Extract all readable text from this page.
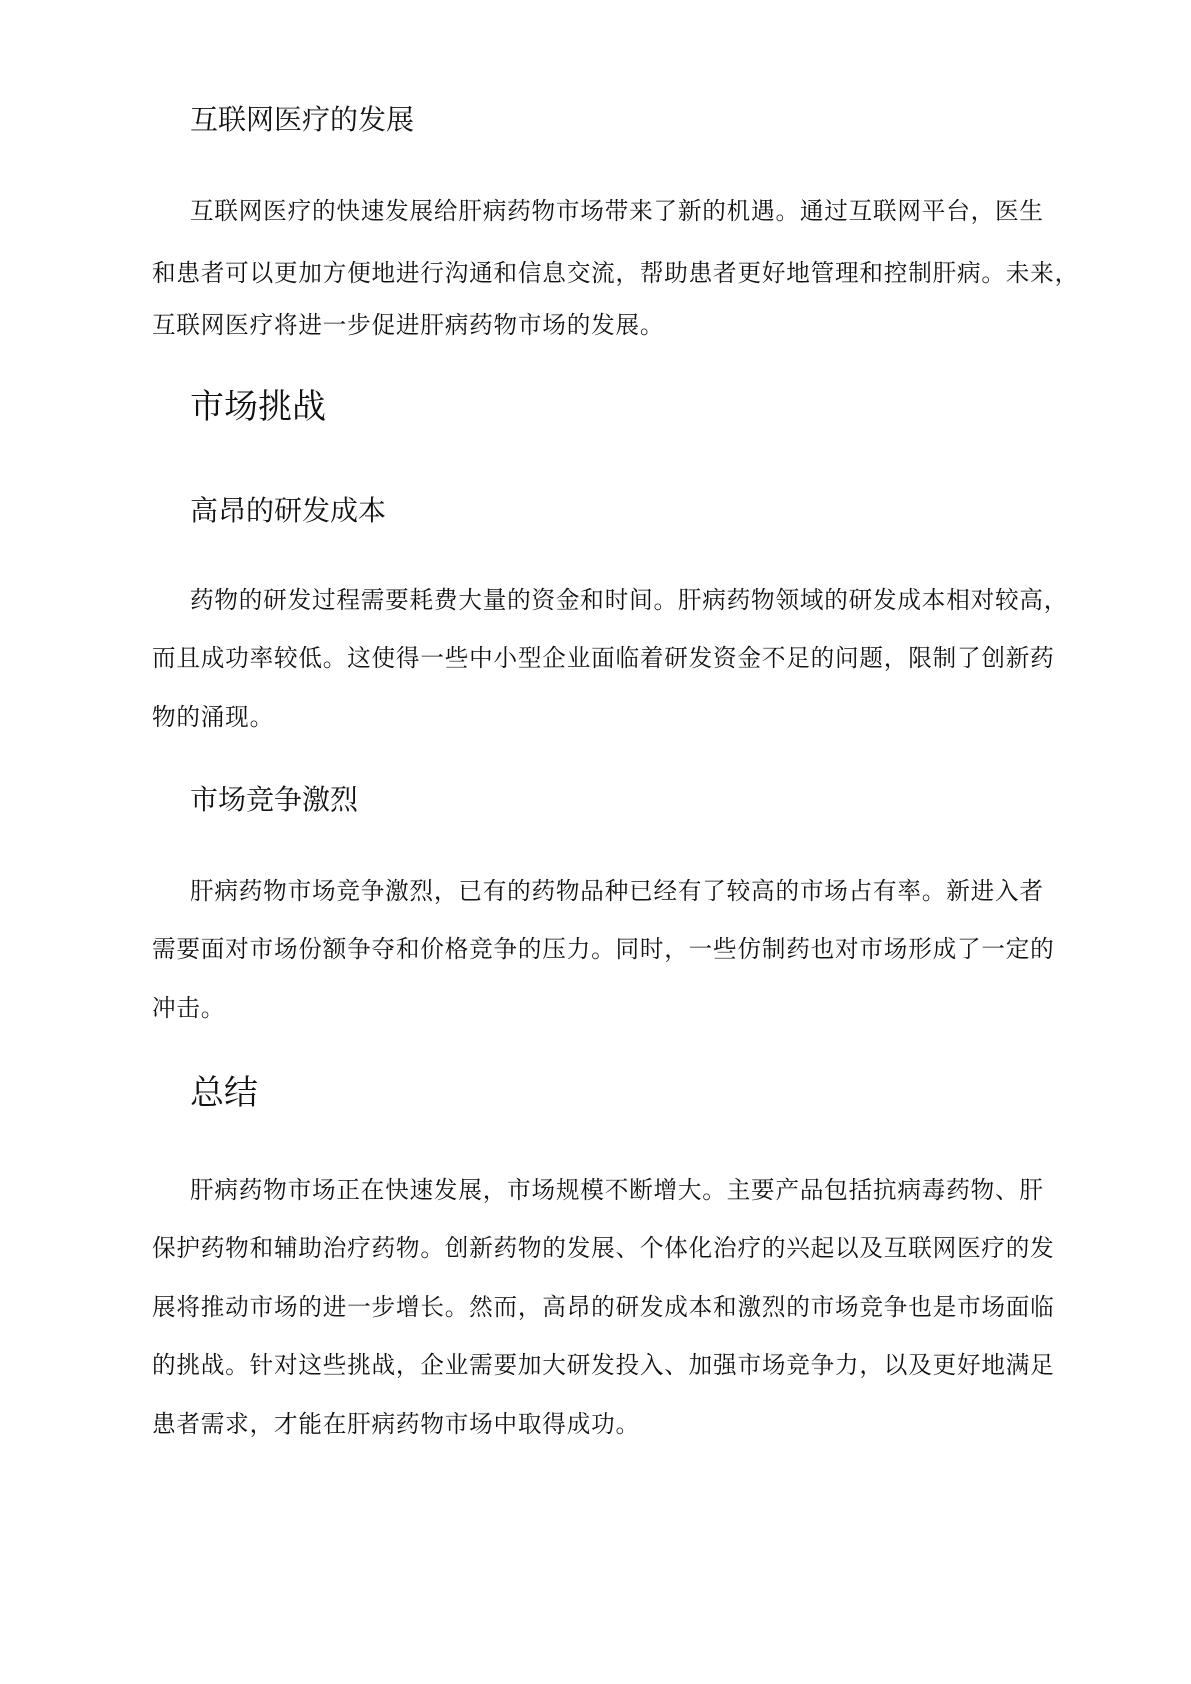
互联网医疗的发展
互联网医疗的快速发展给肝病药物市场带来了新的机遇。通过互联网平台，医生
和患者可以更加方便地进行沟通和信息交流，帮助患者更好地管理和控制肝病。未来，
互联网医疗将进一步促进肝病药物市场的发展。
市场挑战
高昂的研发成本
药物的研发过程需要耗费大量的资金和时间。肝病药物领域的研发成本相对较高，
而且成功率较低。这使得一些中小型企业面临着研发资金不足的问题，限制了创新药
物的涌现。
市场竞争激烈
肝病药物市场竞争激烈，已有的药物品种已经有了较高的市场占有率。新进入者
需要面对市场份额争夺和价格竞争的压力。同时，一些仿制药也对市场形成了一定的
冲击。
总结
肝病药物市场正在快速发展，市场规模不断增大。主要产品包括抗病毒药物、肝
保护药物和辅助治疗药物。创新药物的发展、个体化治疗的兴起以及互联网医疗的发
展将推动市场的进一步增长。然而，高昂的研发成本和激烈的市场竞争也是市场面临
的挑战。针对这些挑战，企业需要加大研发投入、加强市场竞争力，以及更好地满足
患者需求，才能在肝病药物市场中取得成功。
